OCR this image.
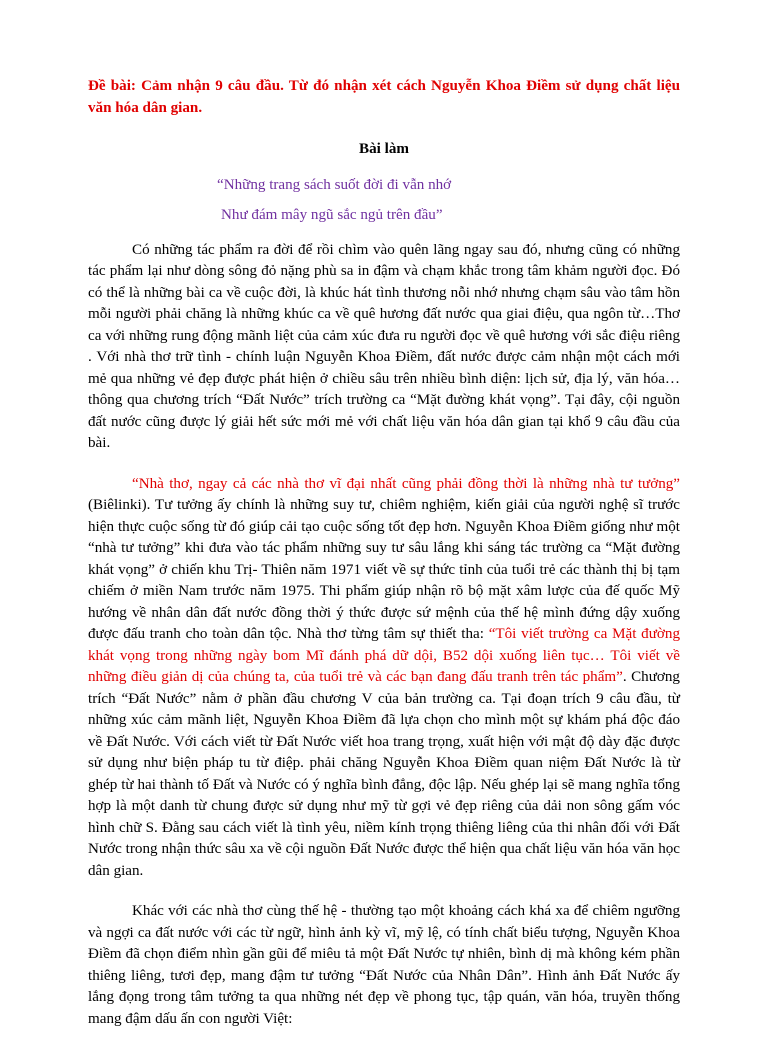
Đề bài: Cảm nhận 9 câu đầu. Từ đó nhận xét cách Nguyễn Khoa Điềm sử dụng chất liệu văn hóa dân gian.

Bài làm

“Những trang sách suốt đời đi vẫn nhớ
Như đám mây ngũ sắc ngủ trên đầu”

Có những tác phẩm ra đời để rồi chìm vào quên lãng ngay sau đó, nhưng cũng có những tác phẩm lại như dòng sông đỏ nặng phù sa in đậm và chạm khắc trong tâm khảm người đọc. Đó có thể là những bài ca về cuộc đời, là khúc hát tình thương nỗi nhớ nhưng chạm sâu vào tâm hồn mỗi người phải chăng là những khúc ca về quê hương đất nước qua giai điệu, qua ngôn từ…Thơ ca với những rung động mãnh liệt của cảm xúc đưa ru người đọc về quê hương với sắc điệu riêng . Với nhà thơ trữ tình - chính luận Nguyễn Khoa Điềm, đất nước được cảm nhận một cách mới mẻ qua những vẻ đẹp được phát hiện ở chiều sâu trên nhiều bình diện: lịch sử, địa lý, văn hóa… thông qua chương trích “Đất Nước” trích trường ca “Mặt đường khát vọng”. Tại đây, cội nguồn đất nước cũng được lý giải hết sức mới mẻ với chất liệu văn hóa dân gian tại khổ 9 câu đầu của bài.

“Nhà thơ, ngay cả các nhà thơ vĩ đại nhất cũng phải đồng thời là những nhà tư tưởng” (Biêlinki). Tư tưởng ấy chính là những suy tư, chiêm nghiệm, kiến giải của người nghệ sĩ trước hiện thực cuộc sống từ đó giúp cải tạo cuộc sống tốt đẹp hơn. Nguyễn Khoa Điềm giống như một “nhà tư tưởng” khi đưa vào tác phẩm những suy tư sâu lắng khi sáng tác trường ca “Mặt đường khát vọng” ở chiến khu Trị- Thiên năm 1971 viết về sự thức tỉnh của tuổi trẻ các thành thị bị tạm chiếm ở miền Nam trước năm 1975. Thi phẩm giúp nhận rõ bộ mặt xâm lược của đế quốc Mỹ hướng về nhân dân đất nước đồng thời ý thức được sứ mệnh của thế hệ mình đứng dậy xuống được đấu tranh cho toàn dân tộc. Nhà thơ từng tâm sự thiết tha: “Tôi viết trường ca Mặt đường khát vọng trong những ngày bom Mĩ đánh phá dữ dội, B52 dội xuống liên tục… Tôi viết về những điều giản dị của chúng ta, của tuổi trẻ và các bạn đang đấu tranh trên tác phẩm”. Chương trích “Đất Nước” nằm ở phần đầu chương V của bản trường ca. Tại đoạn trích 9 câu đầu, từ những xúc cảm mãnh liệt, Nguyễn Khoa Điềm đã lựa chọn cho mình một sự khám phá độc đáo về Đất Nước. Với cách viết từ Đất Nước viết hoa trang trọng, xuất hiện với mật độ dày đặc được sử dụng như biện pháp tu từ điệp. phải chăng Nguyễn Khoa Điềm quan niệm Đất Nước là từ ghép từ hai thành tố Đất và Nước có ý nghĩa bình đẳng, độc lập. Nếu ghép lại sẽ mang nghĩa tổng hợp là một danh từ chung được sử dụng như mỹ từ gợi vẻ đẹp riêng của dải non sông gấm vóc hình chữ S. Đằng sau cách viết là tình yêu, niềm kính trọng thiêng liêng của thi nhân đối với Đất Nước trong nhận thức sâu xa về cội nguồn Đất Nước được thể hiện qua chất liệu văn hóa văn học dân gian.

Khác với các nhà thơ cùng thế hệ - thường tạo một khoảng cách khá xa để chiêm ngưỡng và ngợi ca đất nước với các từ ngữ, hình ảnh kỳ vĩ, mỹ lệ, có tính chất biểu tượng, Nguyễn Khoa Điềm đã chọn điểm nhìn gần gũi để miêu tả một Đất Nước tự nhiên, bình dị mà không kém phần thiêng liêng, tươi đẹp, mang đậm tư tưởng “Đất Nước của Nhân Dân”. Hình ảnh Đất Nước ấy lắng đọng trong tâm tưởng ta qua những nét đẹp về phong tục, tập quán, văn hóa, truyền thống mang đậm dấu ấn con người Việt:
